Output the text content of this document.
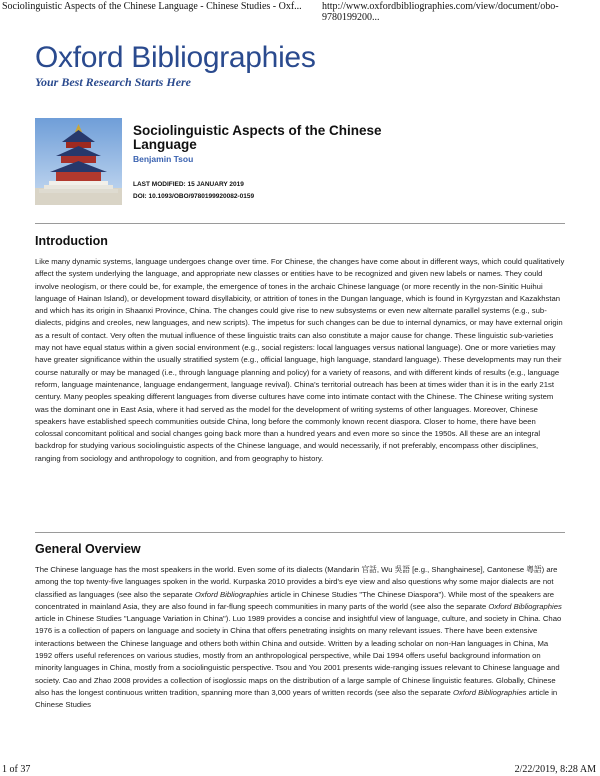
Sociolinguistic Aspects of the Chinese Language - Chinese Studies - Oxf... http://www.oxfordbibliographies.com/view/document/obo-9780199200...
Oxford Bibliographies
Your Best Research Starts Here
Sociolinguistic Aspects of the Chinese Language
Benjamin Tsou
LAST MODIFIED: 15 JANUARY 2019
DOI: 10.1093/OBO/9780199920082-0159
Introduction

Like many dynamic systems, language undergoes change over time. For Chinese, the changes have come about in different ways, which could qualitatively affect the system underlying the language, and appropriate new classes or entities have to be recognized and given new labels or names. They could involve neologism, or there could be, for example, the emergence of tones in the archaic Chinese language (or more recently in the non-Sinitic Huihui language of Hainan Island), or development toward disyllabicity, or attrition of tones in the Dungan language, which is found in Kyrgyzstan and Kazakhstan and which has its origin in Shaanxi Province, China. The changes could give rise to new subsystems or even new alternate parallel systems (e.g., sub-dialects, pidgins and creoles, new languages, and new scripts). The impetus for such changes can be due to internal dynamics, or may have external origin as a result of contact. Very often the mutual influence of these linguistic traits can also constitute a major cause for change. These linguistic sub-varieties may not have equal status within a given social environment (e.g., social registers: local languages versus national language). One or more varieties may have greater significance within the usually stratified system (e.g., official language, high language, standard language). These developments may run their course naturally or may be managed (i.e., through language planning and policy) for a variety of reasons, and with different kinds of results (e.g., language reform, language maintenance, language endangerment, language revival). China's territorial outreach has been at times wider than it is in the early 21st century. Many peoples speaking different languages from diverse cultures have come into intimate contact with the Chinese. The Chinese writing system was the dominant one in East Asia, where it had served as the model for the development of writing systems of other languages. Moreover, Chinese speakers have established speech communities outside China, long before the commonly known recent diaspora. Closer to home, there have been colossal concomitant political and social changes going back more than a hundred years and even more so since the 1950s. All these are an integral backdrop for studying various sociolinguistic aspects of the Chinese language, and would necessarily, if not preferably, encompass other disciplines, ranging from sociology and anthropology to cognition, and from geography to history.

General Overview

The Chinese language has the most speakers in the world. Even some of its dialects (Mandarin 官話, Wu 吳語 [e.g., Shanghainese], Cantonese 粵語) are among the top twenty-five languages spoken in the world. Kurpaska 2010 provides a bird's eye view and also questions why some major dialects are not classified as languages (see also the separate Oxford Bibliographies article in Chinese Studies "The Chinese Diaspora"). While most of the speakers are concentrated in mainland Asia, they are also found in far-flung speech communities in many parts of the world (see also the separate Oxford Bibliographies article in Chinese Studies "Language Variation in China"). Luo 1989 provides a concise and insightful view of language, culture, and society in China. Chao 1976 is a collection of papers on language and society in China that offers penetrating insights on many relevant issues. There have been extensive interactions between the Chinese language and others both within China and outside. Written by a leading scholar on non-Han languages in China, Ma 1992 offers useful references on various studies, mostly from an anthropological perspective, while Dai 1994 offers useful background information on minority languages in China, mostly from a sociolinguistic perspective. Tsou and You 2001 presents wide-ranging issues relevant to Chinese language and society. Cao and Zhao 2008 provides a collection of isoglossic maps on the distribution of a large sample of Chinese linguistic features. Globally, Chinese also has the longest continuous written tradition, spanning more than 3,000 years of written records (see also the separate Oxford Bibliographies article in Chinese Studies

1 of 37	2/22/2019, 8:28 AM
